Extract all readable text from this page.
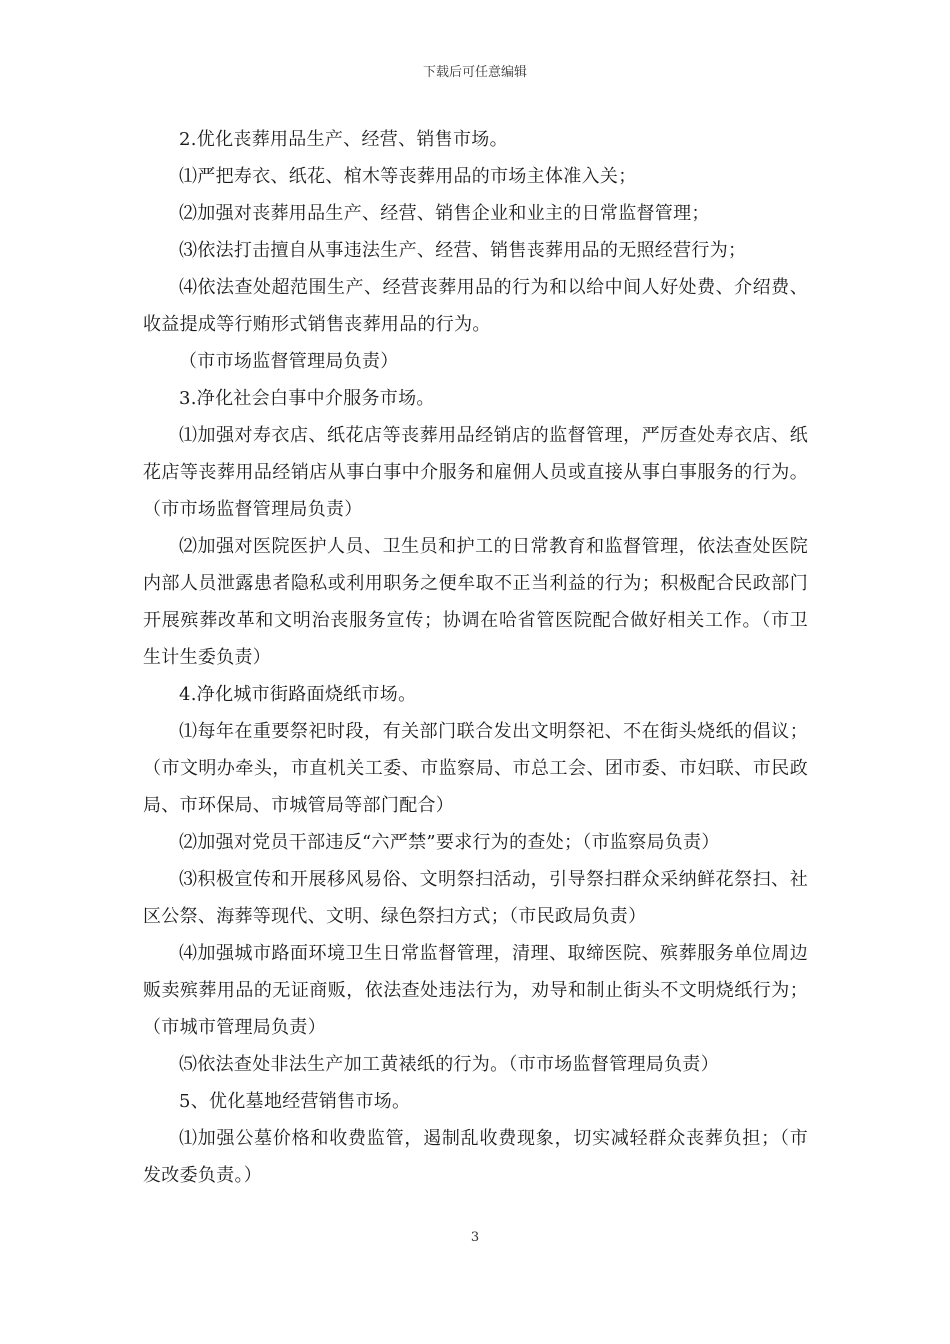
下载后可任意编辑

2.优化丧葬用品生产、经营、销售市场。

⑴严把寿衣、纸花、棺木等丧葬用品的市场主体准入关；

⑵加强对丧葬用品生产、经营、销售企业和业主的日常监督管理；

⑶依法打击擅自从事违法生产、经营、销售丧葬用品的无照经营行为；

⑷依法查处超范围生产、经营丧葬用品的行为和以给中间人好处费、介绍费、收益提成等行贿形式销售丧葬用品的行为。

（市市场监督管理局负责）

3.净化社会白事中介服务市场。

⑴加强对寿衣店、纸花店等丧葬用品经销店的监督管理，严厉查处寿衣店、纸花店等丧葬用品经销店从事白事中介服务和雇佣人员或直接从事白事服务的行为。（市市场监督管理局负责）

⑵加强对医院医护人员、卫生员和护工的日常教育和监督管理，依法查处医院内部人员泄露患者隐私或利用职务之便牟取不正当利益的行为；积极配合民政部门开展殡葬改革和文明治丧服务宣传；协调在哈省管医院配合做好相关工作。（市卫生计生委负责）

4.净化城市街路面烧纸市场。

⑴每年在重要祭祀时段，有关部门联合发出文明祭祀、不在街头烧纸的倡议；（市文明办牵头，市直机关工委、市监察局、市总工会、团市委、市妇联、市民政局、市环保局、市城管局等部门配合）

⑵加强对党员干部违反“六严禁”要求行为的查处；（市监察局负责）

⑶积极宣传和开展移风易俗、文明祭扫活动，引导祭扫群众采纳鲜花祭扫、社区公祭、海葬等现代、文明、绿色祭扫方式；（市民政局负责）

⑷加强城市路面环境卫生日常监督管理，清理、取缔医院、殡葬服务单位周边贩卖殡葬用品的无证商贩，依法查处违法行为，劝导和制止街头不文明烧纸行为；（市城市管理局负责）

⑸依法查处非法生产加工黄裱纸的行为。（市市场监督管理局负责）

5、优化墓地经营销售市场。

⑴加强公墓价格和收费监管，遏制乱收费现象，切实减轻群众丧葬负担；（市发改委负责。）

3
